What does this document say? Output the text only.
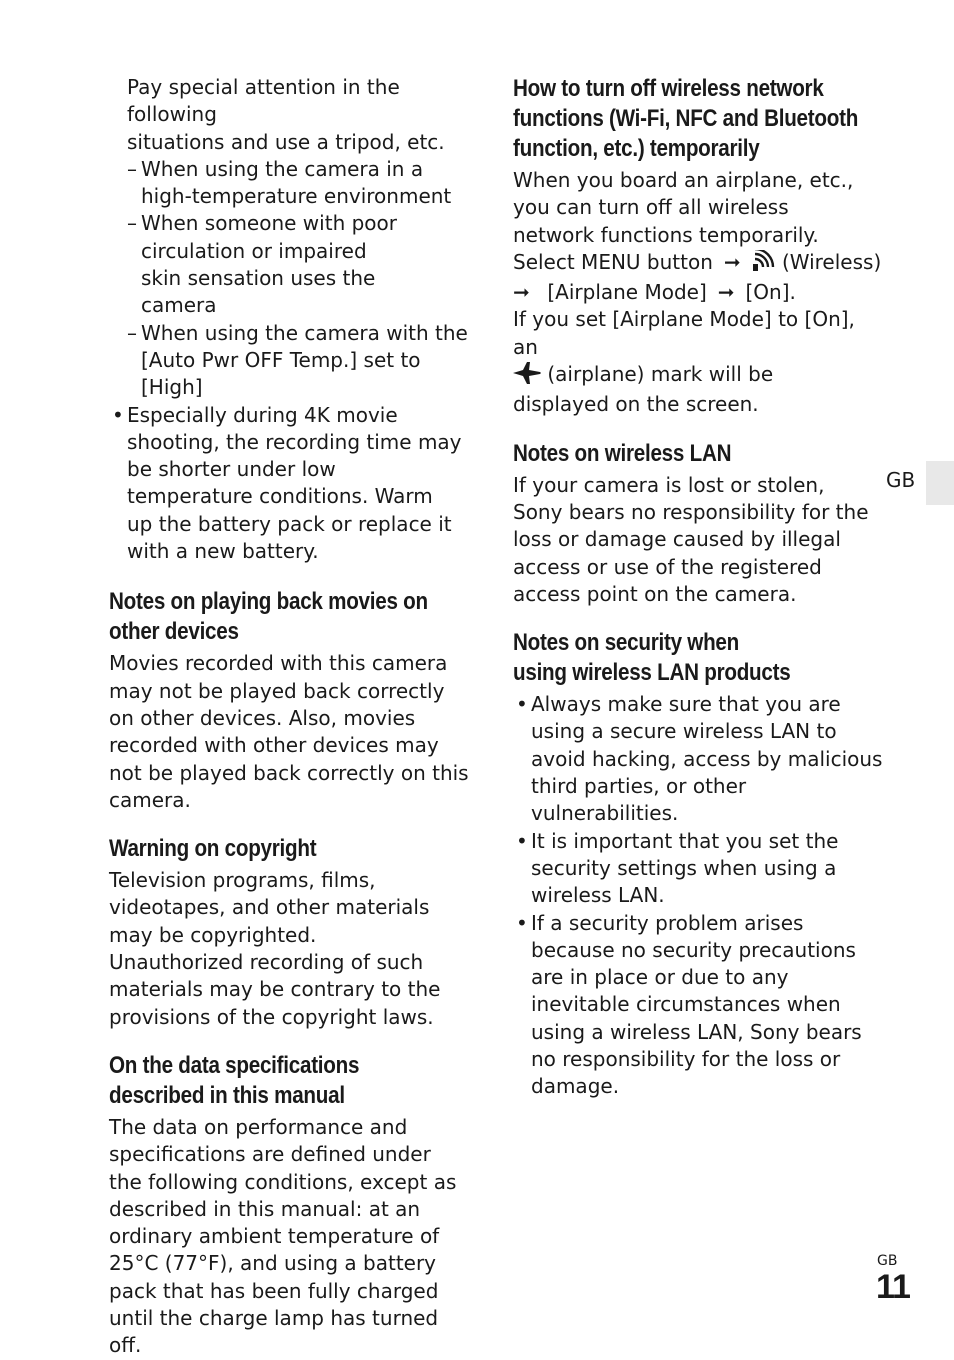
Pay special attention in the following
situations and use a tripod, etc.
– When using the camera in a high-temperature environment
– When someone with poor circulation or impaired skin sensation uses the camera
– When using the camera with the [Auto Pwr OFF Temp.] set to [High]
• Especially during 4K movie shooting, the recording time may be shorter under low temperature conditions. Warm up the battery pack or replace it with a new battery.
Notes on playing back movies on other devices

Movies recorded with this camera may not be played back correctly on other devices. Also, movies recorded with other devices may not be played back correctly on this camera.

Warning on copyright

Television programs, films, videotapes, and other materials may be copyrighted. Unauthorized recording of such materials may be contrary to the provisions of the copyright laws.

On the data specifications described in this manual

The data on performance and specifications are defined under the following conditions, except as described in this manual: at an ordinary ambient temperature of 25°C (77°F), and using a battery pack that has been fully charged until the charge lamp has turned off.

How to turn off wireless network functions (Wi-Fi, NFC and Bluetooth function, etc.) temporarily

When you board an airplane, etc., you can turn off all wireless network functions temporarily.

Select MENU button ➞ (Wireless)
➞ [Airplane Mode] ➞ [On].
If you set [Airplane Mode] to [On], an
(airplane) mark will be displayed on the screen.
Notes on wireless LAN

If your camera is lost or stolen, Sony bears no responsibility for the loss or damage caused by illegal access or use of the registered access point on the camera.

Notes on security when using wireless LAN products
• Always make sure that you are using a secure wireless LAN to avoid hacking, access by malicious third parties, or other vulnerabilities.
• It is important that you set the security settings when using a wireless LAN.
• If a security problem arises because no security precautions are in place or due to any inevitable circumstances when using a wireless LAN, Sony bears no responsibility for the loss or damage.
GB
GB
11
